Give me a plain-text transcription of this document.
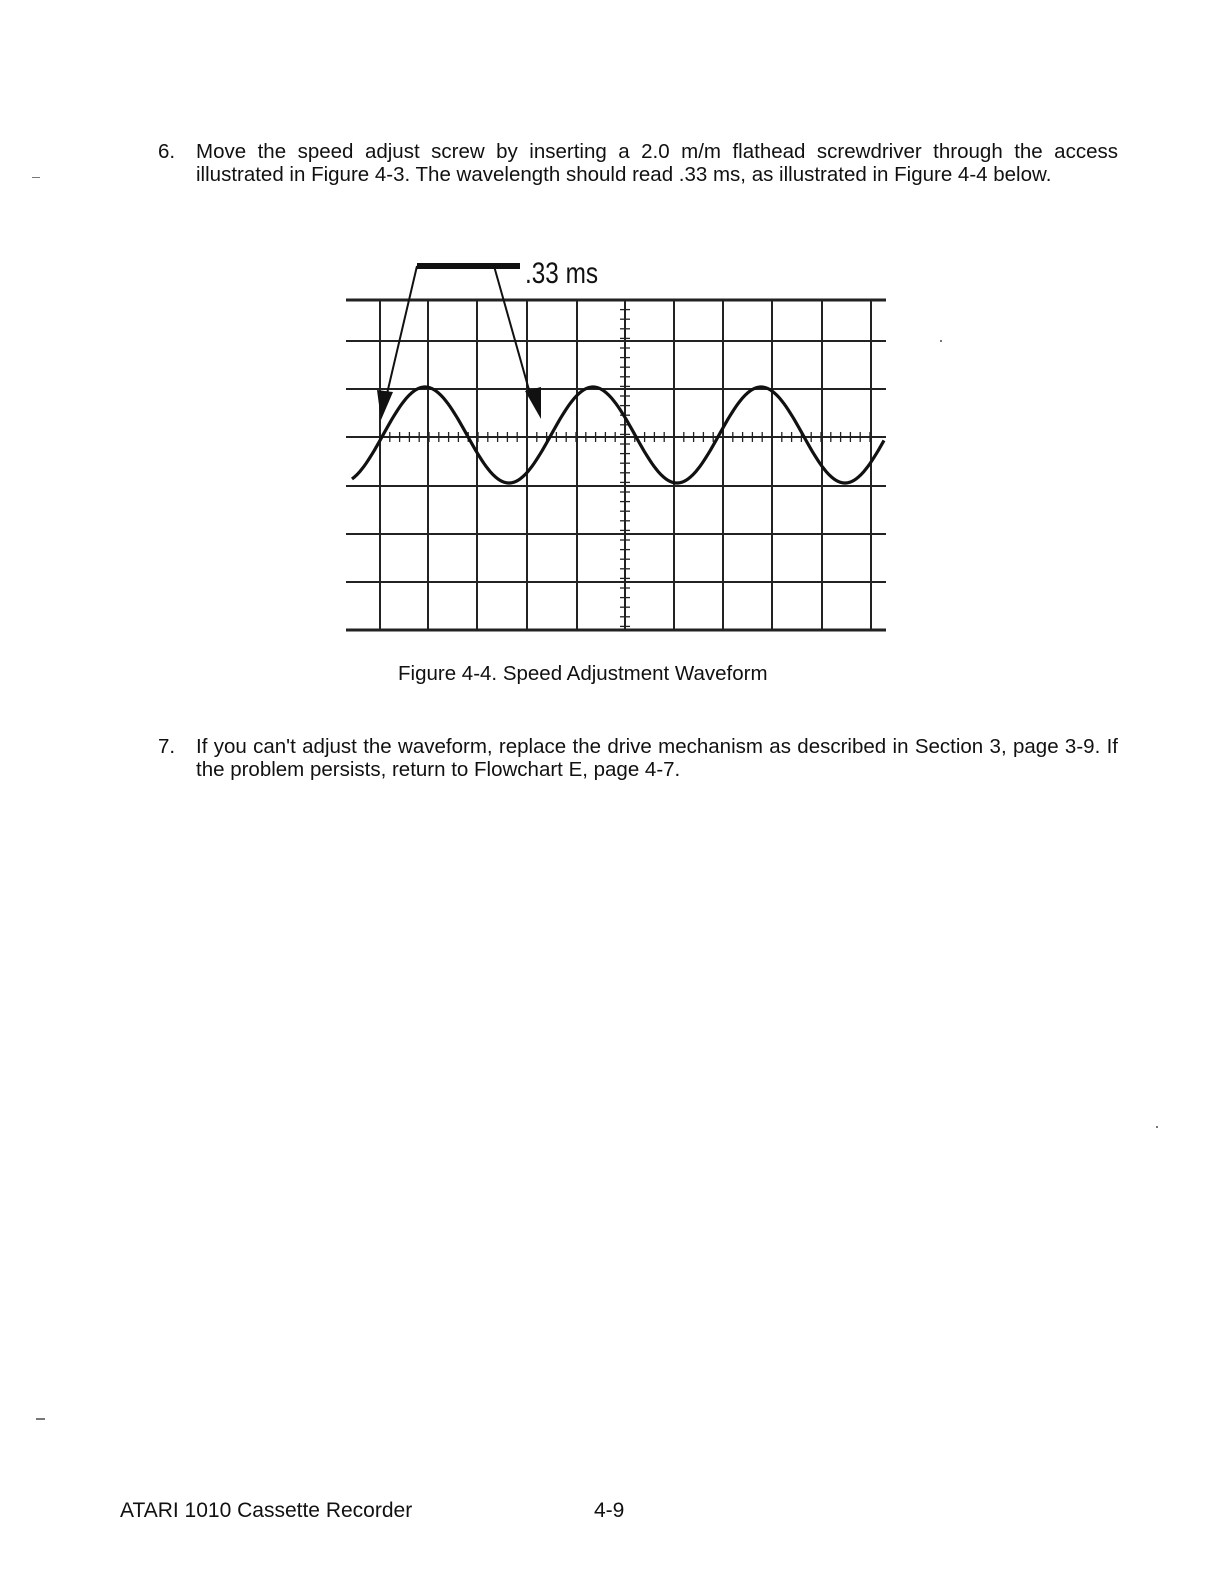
6. Move the speed adjust screw by inserting a 2.0 m/m flathead screwdriver through the access illustrated in Figure 4-3. The wavelength should read .33 ms, as illustrated in Figure 4-4 below.
.33 ms
Figure 4-4. Speed Adjustment Waveform
7. If you can't adjust the waveform, replace the drive mechanism as described in Section 3, page 3-9. If the problem persists, return to Flowchart E, page 4-7.
ATARI 1010 Cassette Recorder	4-9
